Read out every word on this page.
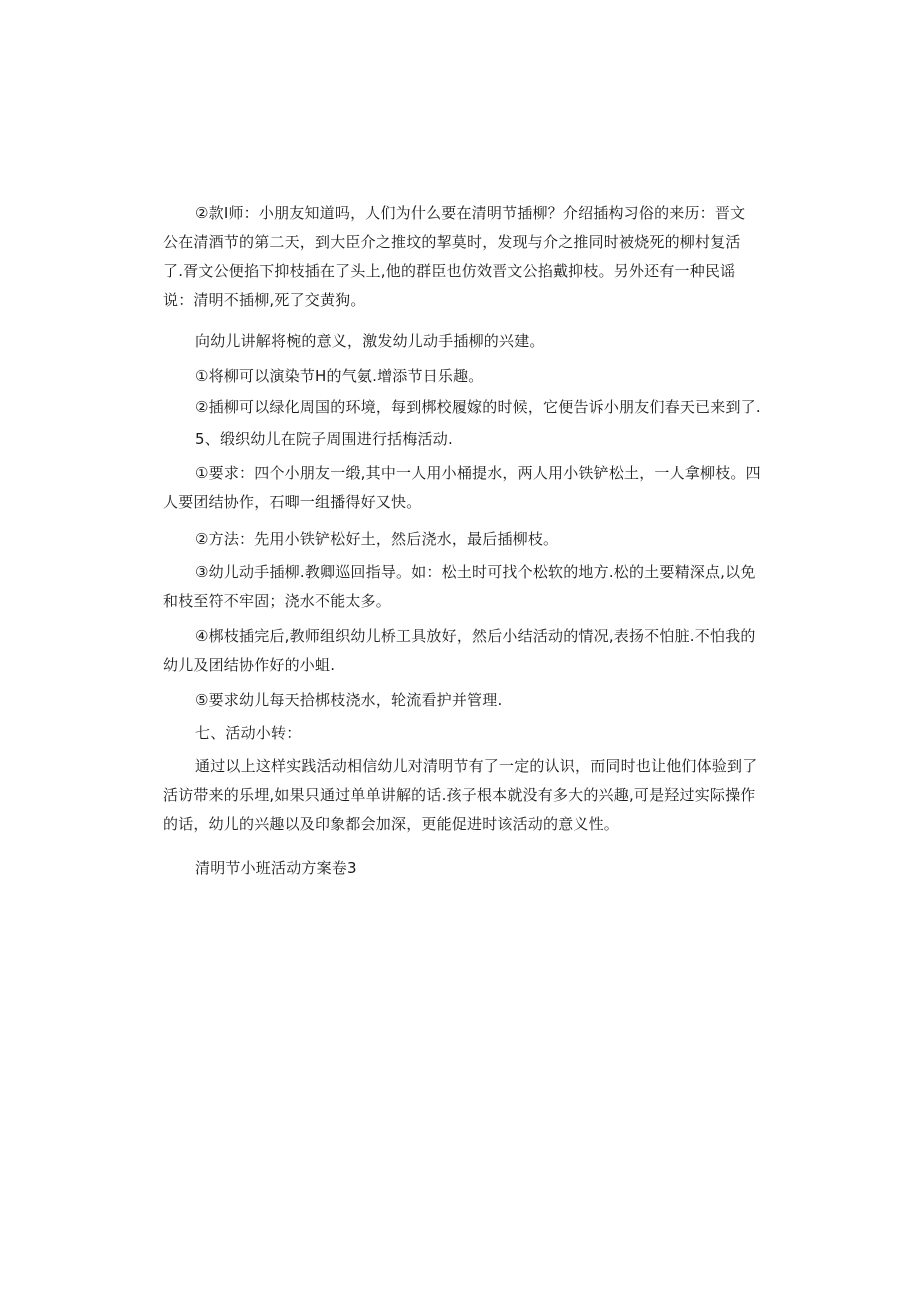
②款Ⅰ师：小朋友知道吗，人们为什么要在清明节插柳？介绍插构习俗的来历：晋文
公在清酒节的第二天，到大臣介之推坟的挈莫时，发现与介之推同时被烧死的柳村复活
了.胥文公便掐下抑枝插在了头上,他的群臣也仿效晋文公掐戴抑枝。另外还有一种民谣
说：清明不插柳,死了交黄狗。
向幼儿讲解将椀的意义，激发幼儿动手插柳的兴建。
①将柳可以演染节H的气氨.增添节日乐趣。
②插柳可以绿化周国的环境，每到梆校履嫁的时候，它便告诉小朋友们春天已来到了.
5、缎织幼儿在院子周围进行括梅活动.
①要求：四个小朋友一缎,其中一人用小桶提水，两人用小铁铲松土，一人拿柳枝。四
人要团结协作，石唧一组播得好又快。
②方法：先用小铁铲松好土，然后浇水，最后插柳枝。
③幼儿动手插柳.教卿巡回指导。如：松土时可找个松软的地方.松的土要精深点,以免
和枝至符不牢固；浇水不能太多。
④梆枝插完后,教师组织幼儿桥工具放好，然后小结活动的情况,表扬不怕脏.不怕我的
幼儿及团结协作好的小蛆.
⑤要求幼儿每天拾梆枝浇水，轮流看护并管理.
七、活动小转：
通过以上这样实践活动相信幼儿对清明节有了一定的认识，而同时也让他们体验到了
活访带来的乐埋,如果只通过单单讲解的话.孩子根本就没有多大的兴趣,可是羟过实际操作
的话，幼儿的兴趣以及印象都会加深，更能促进时该活动的意义性。
清明节小班活动方案卷3
